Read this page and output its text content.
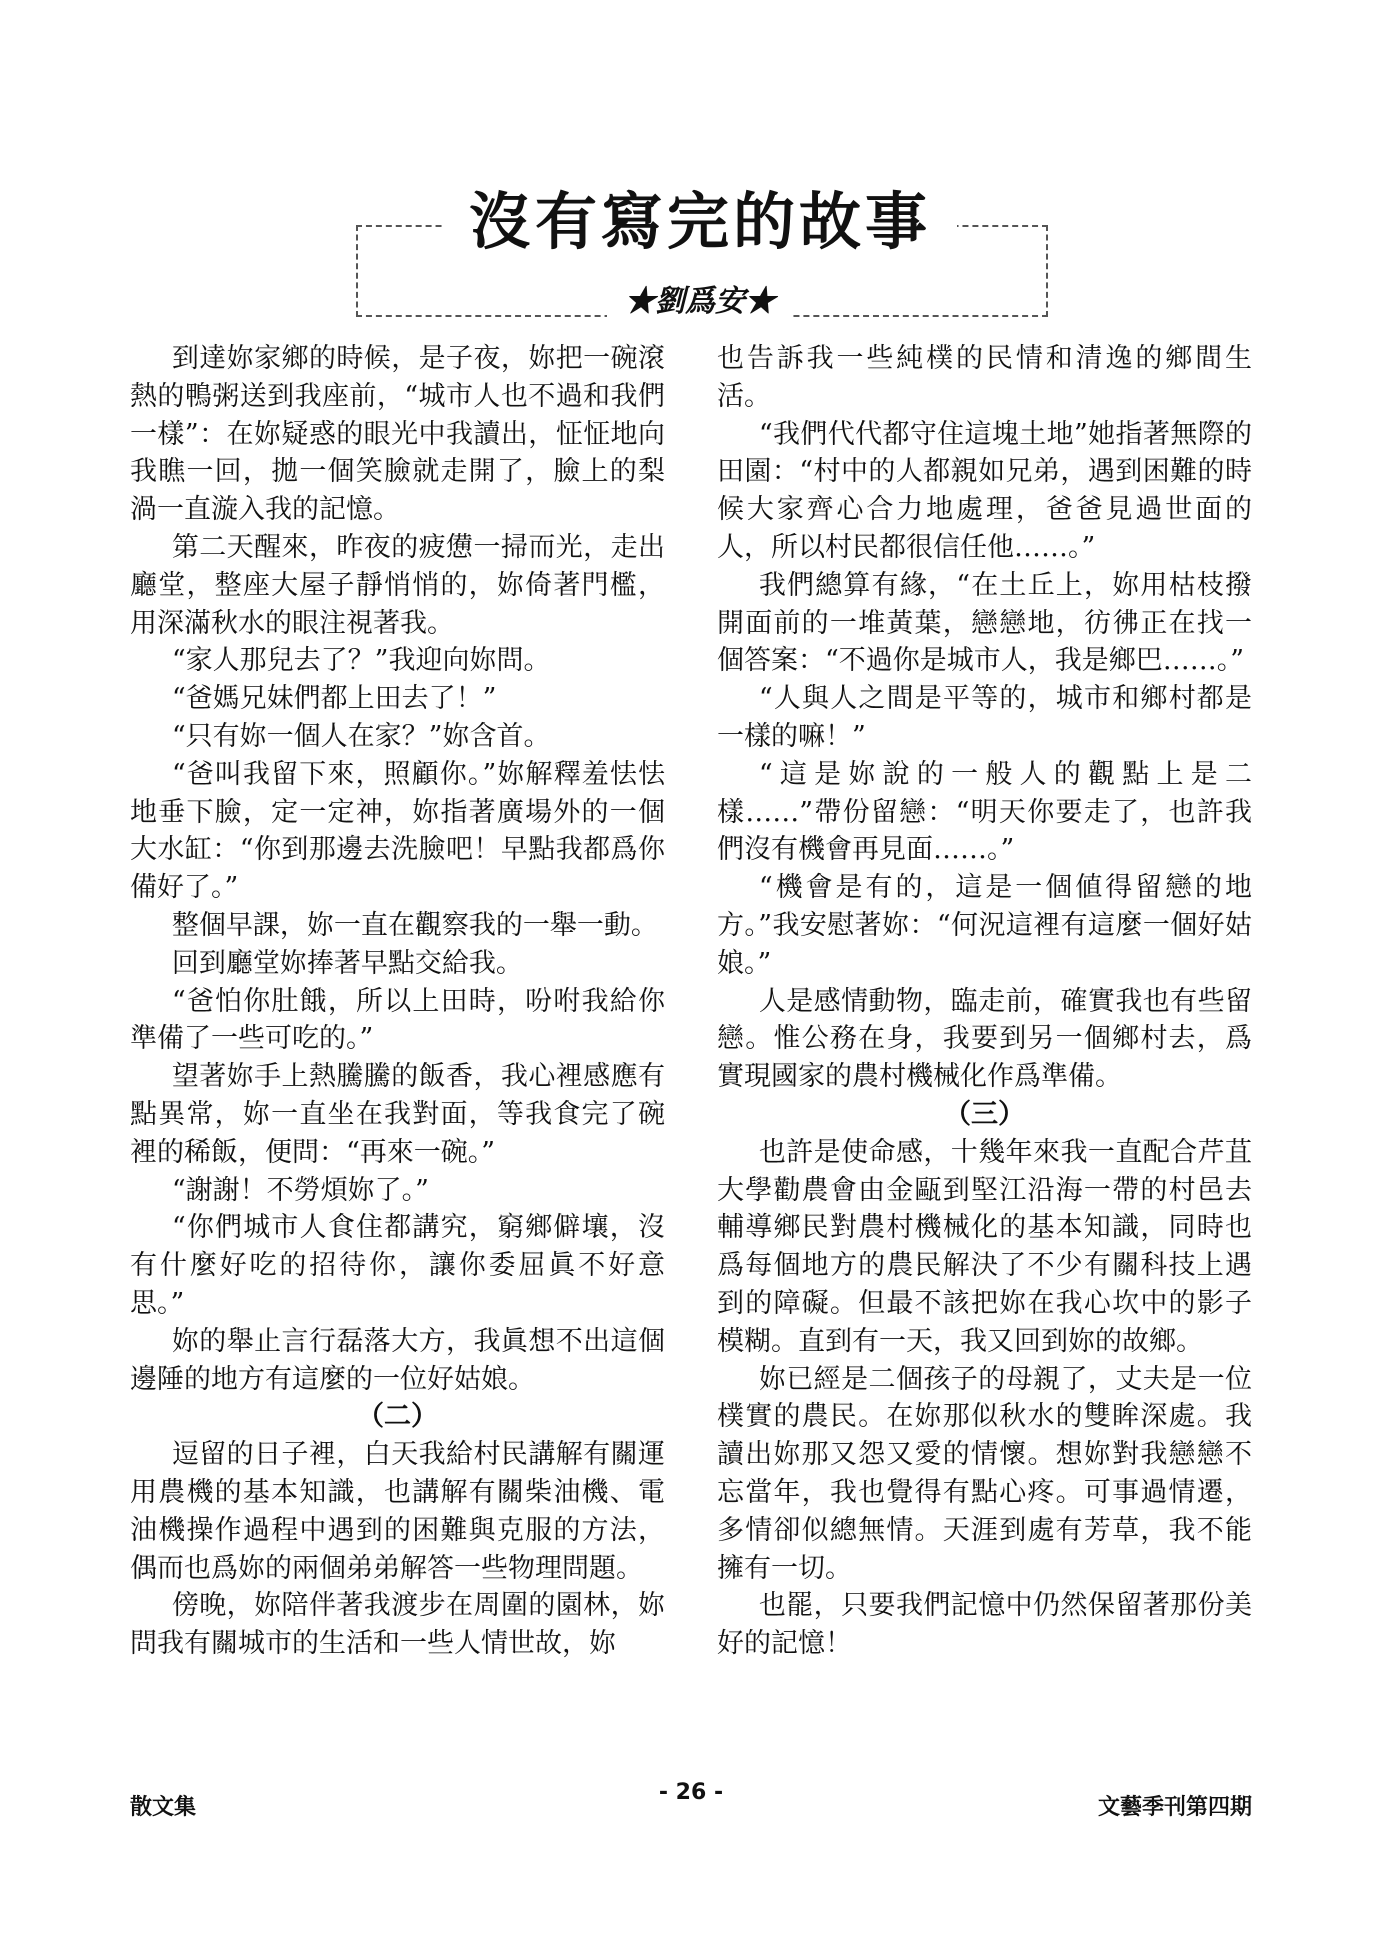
沒有寫完的故事
★劉爲安★

到達妳家鄉的時候，是子夜，妳把一碗滾熱的鴨粥送到我座前，“城市人也不過和我們一樣”：在妳疑惑的眼光中我讀出，怔怔地向我瞧一回，拋一個笑臉就走開了，臉上的梨渦一直漩入我的記憶。

第二天醒來，昨夜的疲憊一掃而光，走出廳堂，整座大屋子靜悄悄的，妳倚著門檻，用深滿秋水的眼注視著我。

“家人那兒去了？”我迎向妳問。

“爸媽兄妹們都上田去了！”

“只有妳一個人在家？”妳含首。

“爸叫我留下來，照顧你。”妳解釋羞怯怯地垂下臉，定一定神，妳指著廣場外的一個大水缸：“你到那邊去洗臉吧！早點我都爲你備好了。”

整個早課，妳一直在觀察我的一舉一動。

回到廳堂妳捧著早點交給我。

“爸怕你肚餓，所以上田時，吩咐我給你準備了一些可吃的。”

望著妳手上熱騰騰的飯香，我心裡感應有點異常，妳一直坐在我對面，等我食完了碗裡的稀飯，便問：“再來一碗。”

“謝謝！不勞煩妳了。”

“你們城市人食住都講究，窮鄉僻壤，沒有什麼好吃的招待你，讓你委屈眞不好意思。”

妳的舉止言行磊落大方，我眞想不出這個邊陲的地方有這麼的一位好姑娘。

（二）

逗留的日子裡，白天我給村民講解有關運用農機的基本知識，也講解有關柴油機、電油機操作過程中遇到的困難與克服的方法，偶而也爲妳的兩個弟弟解答一些物理問題。

傍晚，妳陪伴著我渡步在周圍的園林，妳問我有關城市的生活和一些人情世故，妳

也告訴我一些純樸的民情和清逸的鄉間生活。

“我們代代都守住這塊土地”她指著無際的田園：“村中的人都親如兄弟，遇到困難的時候大家齊心合力地處理，爸爸見過世面的人，所以村民都很信任他……。”

我們總算有緣，“在土丘上，妳用枯枝撥開面前的一堆黃葉，戀戀地，彷彿正在找一個答案：“不過你是城市人，我是鄉巴……。”

“人與人之間是平等的，城市和鄉村都是一樣的嘛！”

“這是妳說的一般人的觀點上是二樣……”帶份留戀：“明天你要走了，也許我們沒有機會再見面……。”

“機會是有的，這是一個値得留戀的地方。”我安慰著妳：“何況這裡有這麼一個好姑娘。”

人是感情動物，臨走前，確實我也有些留戀。惟公務在身，我要到另一個鄉村去，爲實現國家的農村機械化作爲準備。

（三）

也許是使命感，十幾年來我一直配合芹苴大學勸農會由金甌到堅江沿海一帶的村邑去輔導鄉民對農村機械化的基本知識，同時也爲每個地方的農民解決了不少有關科技上遇到的障礙。但最不該把妳在我心坎中的影子模糊。直到有一天，我又回到妳的故鄉。

妳已經是二個孩子的母親了，丈夫是一位樸實的農民。在妳那似秋水的雙眸深處。我讀出妳那又怨又愛的情懷。想妳對我戀戀不忘當年，我也覺得有點心疼。可事過情遷，多情卻似總無情。天涯到處有芳草，我不能擁有一切。

也罷，只要我們記憶中仍然保留著那份美好的記憶！

散文集
- 26 -
文藝季刊第四期
